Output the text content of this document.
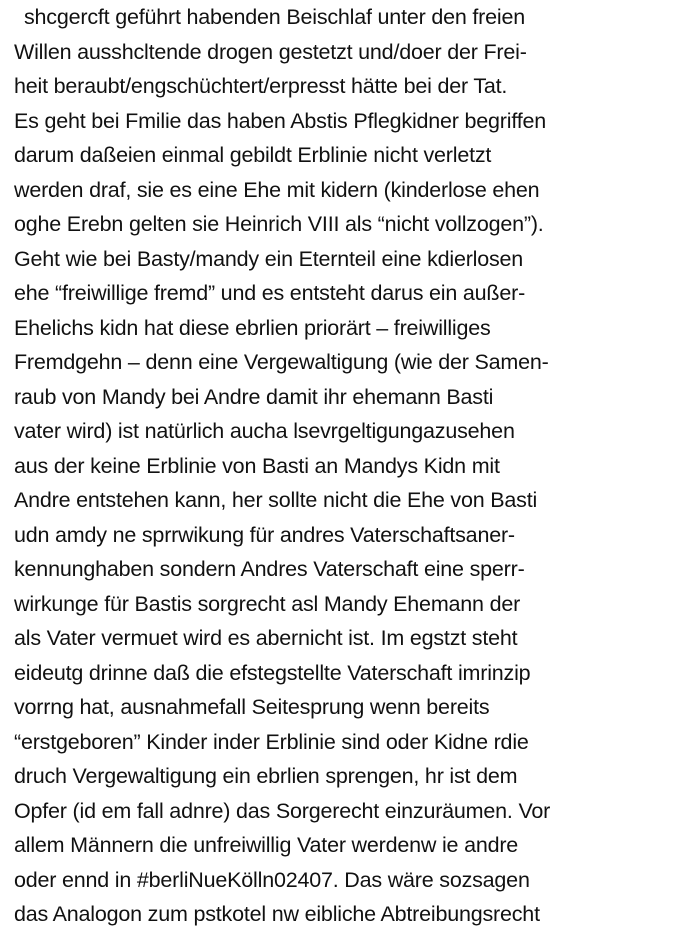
shcgercft geführt habenden Beischlaf unter den freien
Willen ausshcltende drogen gestetzt und/doer der Frei-
heit beraubt/engschüchtert/erpresst hätte bei der Tat.
Es geht bei Fmilie das haben Abstis Pflegkidner begriffen
darum daßeien einmal gebildt Erblinie nicht verletzt
werden draf, sie es eine Ehe mit kidern (kinderlose ehen
oghe Erebn gelten sie Heinrich VIII als “nicht vollzogen”).
Geht wie bei Basty/mandy ein Eternteil eine kdierlosen
ehe “freiwillige fremd” und es entsteht darus ein außer-
Ehelichs kidn hat diese ebrlien priorärt – freiwilliges
Fremdgehn – denn eine Vergewaltigung (wie der Samen-
raub von Mandy bei Andre damit ihr ehemann Basti
vater wird) ist natürlich aucha lsevrgeltigungazusehen
aus der keine Erblinie von Basti an Mandys Kidn mit
Andre entstehen kann, her sollte nicht die Ehe von Basti
udn amdy ne sprrwikung für andres Vaterschaftsaner-
kennunghaben sondern Andres Vaterschaft eine sperr-
wirkunge für Bastis sorgrecht asl Mandy Ehemann der
als Vater vermuet wird es abernicht ist. Im egstzt steht
eideutg drinne daß die efstegstellte Vaterschaft imrinzip
vorrng hat, ausnahmefall Seitesprung wenn bereits
“erstgeboren” Kinder inder Erblinie sind oder Kidne rdie
druch Vergewaltigung ein ebrlien sprengen, hr ist dem
Opfer (id em fall adnre) das Sorgerecht einzuräumen. Vor
allem Männern die unfreiwillig Vater werdenw ie andre
oder ennd in #berliNueKölln02407. Das wäre sozsagen
das Analogon zum pstkotel nw eibliche Abtreibungsrecht
